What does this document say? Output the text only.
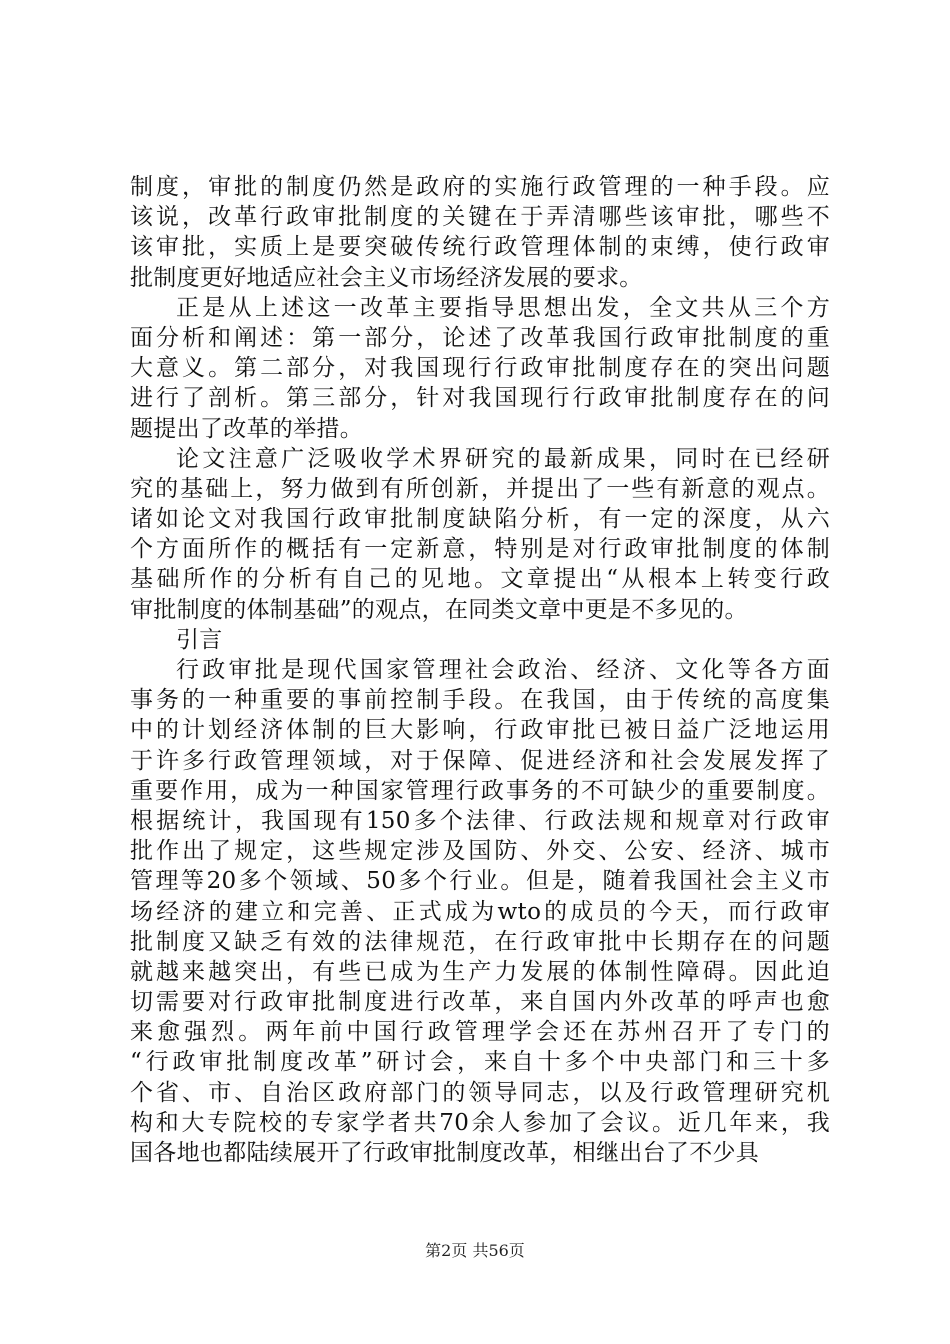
制度，审批的制度仍然是政府的实施行政管理的一种手段。应
该说，改革行政审批制度的关键在于弄清哪些该审批，哪些不
该审批，实质上是要突破传统行政管理体制的束缚，使行政审
批制度更好地适应社会主义市场经济发展的要求。
正是从上述这一改革主要指导思想出发，全文共从三个方
面分析和阐述：第一部分，论述了改革我国行政审批制度的重
大意义。第二部分，对我国现行行政审批制度存在的突出问题
进行了剖析。第三部分，针对我国现行行政审批制度存在的问
题提出了改革的举措。
论文注意广泛吸收学术界研究的最新成果，同时在已经研
究的基础上，努力做到有所创新，并提出了一些有新意的观点。
诸如论文对我国行政审批制度缺陷分析，有一定的深度，从六
个方面所作的概括有一定新意，特别是对行政审批制度的体制
基础所作的分析有自己的见地。文章提出“从根本上转变行政
审批制度的体制基础”的观点，在同类文章中更是不多见的。
引言
行政审批是现代国家管理社会政治、经济、文化等各方面
事务的一种重要的事前控制手段。在我国，由于传统的高度集
中的计划经济体制的巨大影响，行政审批已被日益广泛地运用
于许多行政管理领域，对于保障、促进经济和社会发展发挥了
重要作用，成为一种国家管理行政事务的不可缺少的重要制度。
根据统计，我国现有150多个法律、行政法规和规章对行政审
批作出了规定，这些规定涉及国防、外交、公安、经济、城市
管理等20多个领域、50多个行业。但是，随着我国社会主义市
场经济的建立和完善、正式成为wto的成员的今天，而行政审
批制度又缺乏有效的法律规范，在行政审批中长期存在的问题
就越来越突出，有些已成为生产力发展的体制性障碍。因此迫
切需要对行政审批制度进行改革，来自国内外改革的呼声也愈
来愈强烈。两年前中国行政管理学会还在苏州召开了专门的
“行政审批制度改革”研讨会，来自十多个中央部门和三十多
个省、市、自治区政府部门的领导同志，以及行政管理研究机
构和大专院校的专家学者共70余人参加了会议。近几年来，我
国各地也都陆续展开了行政审批制度改革，相继出台了不少具
第2页 共56页
